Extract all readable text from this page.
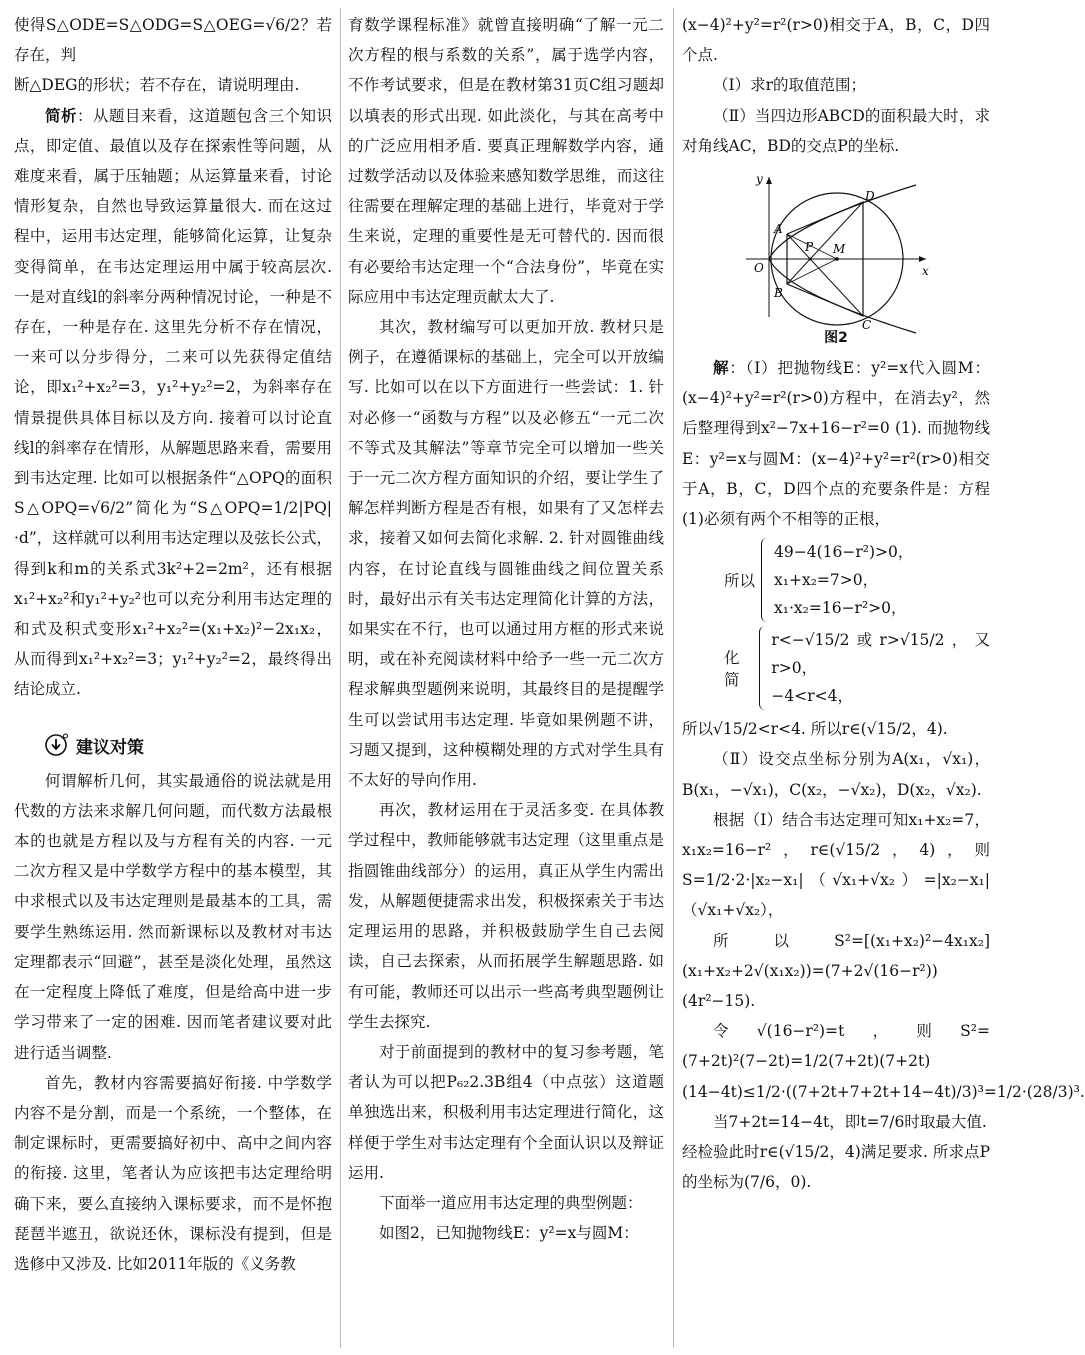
使得S△ODE=S△ODG=S△OEG=√6/2？若存在，判

断△DEG的形状；若不存在，请说明理由.

简析：从题目来看，这道题包含三个知识点，即定值、最值以及存在探索性等问题，从难度来看，属于压轴题；从运算量来看，讨论情形复杂，自然也导致运算量很大. 而在这过程中，运用韦达定理，能够简化运算，让复杂变得简单，在韦达定理运用中属于较高层次. 一是对直线l的斜率分两种情况讨论，一种是不存在，一种是存在. 这里先分析不存在情况，一来可以分步得分，二来可以先获得定值结论，即x₁²+x₂²=3，y₁²+y₂²=2，为斜率存在情景提供具体目标以及方向. 接着可以讨论直线l的斜率存在情形，从解题思路来看，需要用到韦达定理. 比如可以根据条件“△OPQ的面积S△OPQ=√6/2”简化为“S△OPQ=1/2|PQ|·d”，这样就可以利用韦达定理以及弦长公式，得到k和m的关系式3k²+2=2m²，还有根据x₁²+x₂²和y₁²+y₂²也可以充分利用韦达定理的和式及积式变形x₁²+x₂²=(x₁+x₂)²−2x₁x₂，从而得到x₁²+x₂²=3；y₁²+y₂²=2，最终得出结论成立.

建议对策

何谓解析几何，其实最通俗的说法就是用代数的方法来求解几何问题，而代数方法最根本的也就是方程以及与方程有关的内容. 一元二次方程又是中学数学方程中的基本模型，其中求根式以及韦达定理则是最基本的工具，需要学生熟练运用. 然而新课标以及教材对韦达定理都表示“回避”，甚至是淡化处理，虽然这在一定程度上降低了难度，但是给高中进一步学习带来了一定的困难. 因而笔者建议要对此进行适当调整.

首先，教材内容需要搞好衔接. 中学数学内容不是分割，而是一个系统，一个整体，在制定课标时，更需要搞好初中、高中之间内容的衔接. 这里，笔者认为应该把韦达定理给明确下来，要么直接纳入课标要求，而不是怀抱琵琶半遮丑，欲说还休，课标没有提到，但是选修中又涉及. 比如2011年版的《义务教

育数学课程标准》就曾直接明确“了解一元二次方程的根与系数的关系”，属于选学内容，不作考试要求，但是在教材第31页C组习题却以填表的形式出现. 如此淡化，与其在高考中的广泛应用相矛盾. 要真正理解数学内容，通过数学活动以及体验来感知数学思维，而这往往需要在理解定理的基础上进行，毕竟对于学生来说，定理的重要性是无可替代的. 因而很有必要给韦达定理一个“合法身份”，毕竟在实际应用中韦达定理贡献太大了.

其次，教材编写可以更加开放. 教材只是例子，在遵循课标的基础上，完全可以开放编写. 比如可以在以下方面进行一些尝试：1. 针对必修一“函数与方程”以及必修五“一元二次不等式及其解法”等章节完全可以增加一些关于一元二次方程方面知识的介绍，要让学生了解怎样判断方程是否有根，如果有了又怎样去求，接着又如何去简化求解. 2. 针对圆锥曲线内容，在讨论直线与圆锥曲线之间位置关系时，最好出示有关韦达定理简化计算的方法，如果实在不行，也可以通过用方框的形式来说明，或在补充阅读材料中给予一些一元二次方程求解典型题例来说明，其最终目的是提醒学生可以尝试用韦达定理. 毕竟如果例题不讲，习题又提到，这种模糊处理的方式对学生具有不太好的导向作用.

再次，教材运用在于灵活多变. 在具体教学过程中，教师能够就韦达定理（这里重点是指圆锥曲线部分）的运用，真正从学生内需出发，从解题便捷需求出发，积极探索关于韦达定理运用的思路，并积极鼓励学生自己去阅读，自己去探索，从而拓展学生解题思路. 如有可能，教师还可以出示一些高考典型题例让学生去探究.

对于前面提到的教材中的复习参考题，笔者认为可以把P₆₂2.3B组4（中点弦）这道题单独选出来，积极利用韦达定理进行简化，这样便于学生对韦达定理有个全面认识以及辩证运用.

下面举一道应用韦达定理的典型例题：

如图2，已知抛物线E：y²=x与圆M：

(x−4)²+y²=r²(r>0)相交于A，B，C，D四个点.

（Ⅰ）求r的取值范围；

（Ⅱ）当四边形ABCD的面积最大时，求对角线AC，BD的交点P的坐标.

y
x
O
A
B
C
D
P M
图2

解：（Ⅰ）把抛物线E：y²=x代入圆M：(x−4)²+y²=r²(r>0)方程中，在消去y²，然后整理得到x²−7x+16−r²=0 (1). 而抛物线E：y²=x与圆M：(x−4)²+y²=r²(r>0)相交于A，B，C，D四个点的充要条件是：方程(1)必须有两个不相等的正根，

所以

49−4(16−r²)>0，

x₁+x₂=7>0，

x₁·x₂=16−r²>0，

化简

r<−√15/2或r>√15/2，又r>0，

−4<r<4，

所以√15/2<r<4. 所以r∈(√15/2，4).

（Ⅱ）设交点坐标分别为A(x₁，√x₁)，B(x₁，−√x₁)，C(x₂，−√x₂)，D(x₂，√x₂).

根据（Ⅰ）结合韦达定理可知x₁+x₂=7，x₁x₂=16−r²，r∈(√15/2，4)，则S=1/2·2·|x₂−x₁|（√x₁+√x₂）=|x₂−x₁|（√x₁+√x₂），

所以S²=[(x₁+x₂)²−4x₁x₂](x₁+x₂+2√(x₁x₂))=(7+2√(16−r²))(4r²−15).

令√(16−r²)=t，则S²=(7+2t)²(7−2t)=1/2(7+2t)(7+2t)(14−4t)≤1/2·((7+2t+7+2t+14−4t)/3)³=1/2·(28/3)³.

当7+2t=14−4t，即t=7/6时取最大值.

经检验此时r∈(√15/2，4)满足要求. 所求点P的坐标为(7/6，0).
